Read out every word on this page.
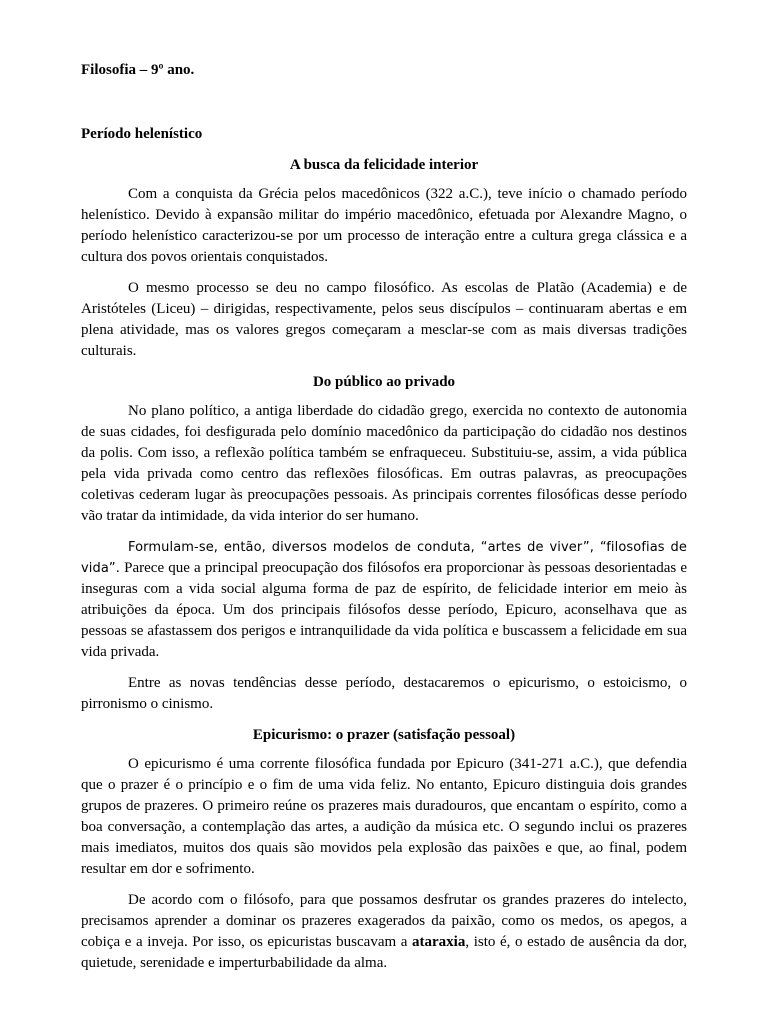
Filosofia – 9º ano.
Período helenístico
A busca da felicidade interior

Com a conquista da Grécia pelos macedônicos (322 a.C.), teve início o chamado período helenístico. Devido à expansão militar do império macedônico, efetuada por Alexandre Magno, o período helenístico caracterizou-se por um processo de interação entre a cultura grega clássica e a cultura dos povos orientais conquistados.

O mesmo processo se deu no campo filosófico. As escolas de Platão (Academia) e de Aristóteles (Liceu) – dirigidas, respectivamente, pelos seus discípulos – continuaram abertas e em plena atividade, mas os valores gregos começaram a mesclar-se com as mais diversas tradições culturais.

Do público ao privado

No plano político, a antiga liberdade do cidadão grego, exercida no contexto de autonomia de suas cidades, foi desfigurada pelo domínio macedônico da participação do cidadão nos destinos da polis. Com isso, a reflexão política também se enfraqueceu. Substituiu-se, assim, a vida pública pela vida privada como centro das reflexões filosóficas. Em outras palavras, as preocupações coletivas cederam lugar às preocupações pessoais. As principais correntes filosóficas desse período vão tratar da intimidade, da vida interior do ser humano.

Formulam-se, então, diversos modelos de conduta, “artes de viver”, “filosofias de vida”. Parece que a principal preocupação dos filósofos era proporcionar às pessoas desorientadas e inseguras com a vida social alguma forma de paz de espírito, de felicidade interior em meio às atribuições da época. Um dos principais filósofos desse período, Epicuro, aconselhava que as pessoas se afastassem dos perigos e intranquilidade da vida política e buscassem a felicidade em sua vida privada.

Entre as novas tendências desse período, destacaremos o epicurismo, o estoicismo, o pirronismo o cinismo.

Epicurismo: o prazer (satisfação pessoal)

O epicurismo é uma corrente filosófica fundada por Epicuro (341-271 a.C.), que defendia que o prazer é o princípio e o fim de uma vida feliz. No entanto, Epicuro distinguia dois grandes grupos de prazeres. O primeiro reúne os prazeres mais duradouros, que encantam o espírito, como a boa conversação, a contemplação das artes, a audição da música etc. O segundo inclui os prazeres mais imediatos, muitos dos quais são movidos pela explosão das paixões e que, ao final, podem resultar em dor e sofrimento.

De acordo com o filósofo, para que possamos desfrutar os grandes prazeres do intelecto, precisamos aprender a dominar os prazeres exagerados da paixão, como os medos, os apegos, a cobiça e a inveja. Por isso, os epicuristas buscavam a ataraxia, isto é, o estado de ausência da dor, quietude, serenidade e imperturbabilidade da alma.
